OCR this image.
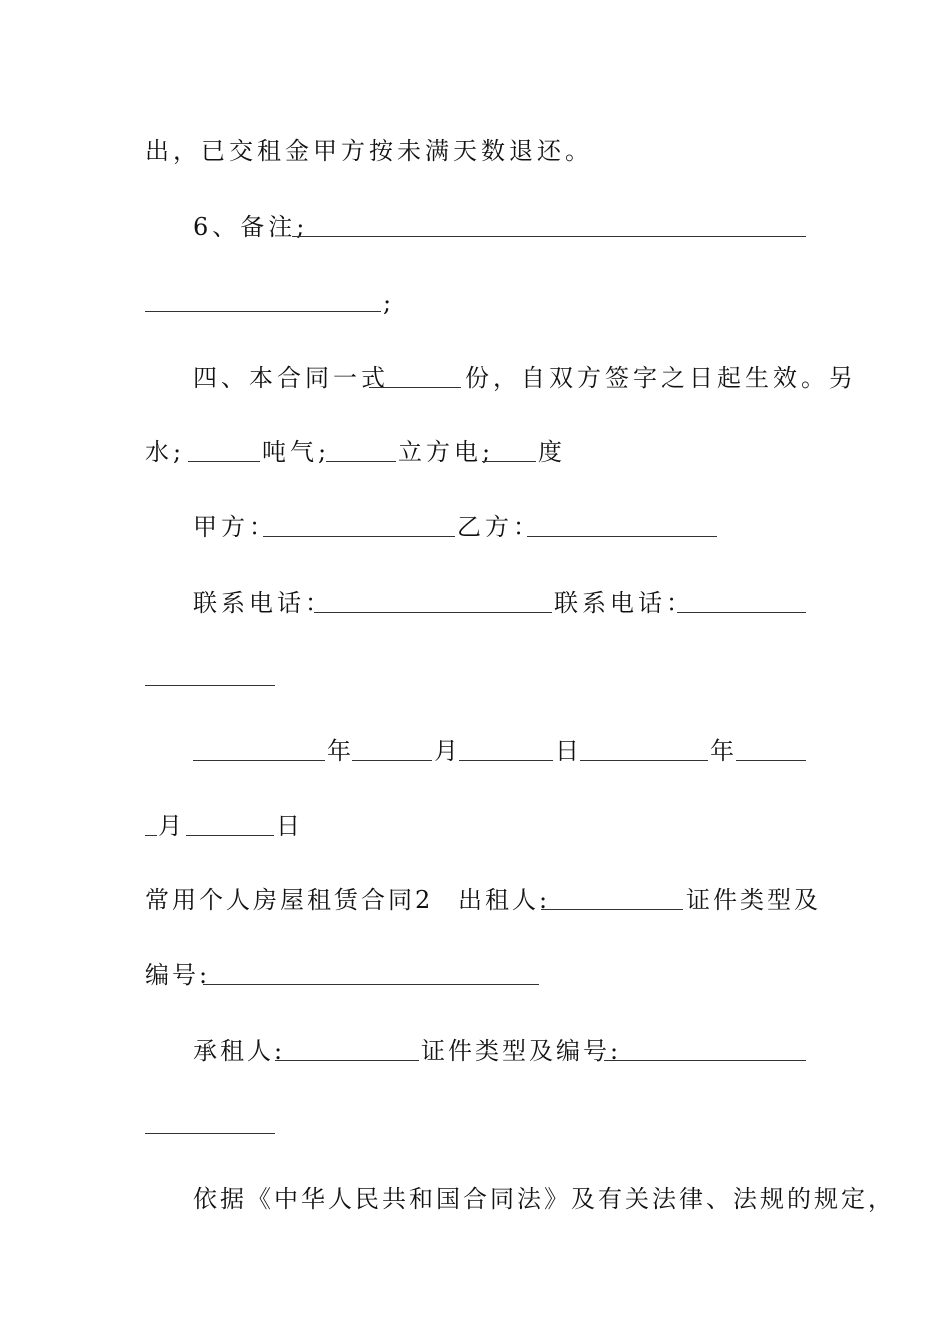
出，已交租金甲方按未满天数退还。
6、备注;
;
四、本合同一式	份，自双方签字之日起生效。另
水;	吨气;	立方电; 度
甲方：	乙方：
联系电话：	联系电话：
年	月	日	年
月	日
常用个人房屋租赁合同2 出租人:	证件类型及
编号:
承租人:	证件类型及编号:
依据《中华人民共和国合同法》及有关法律、法规的规定，
